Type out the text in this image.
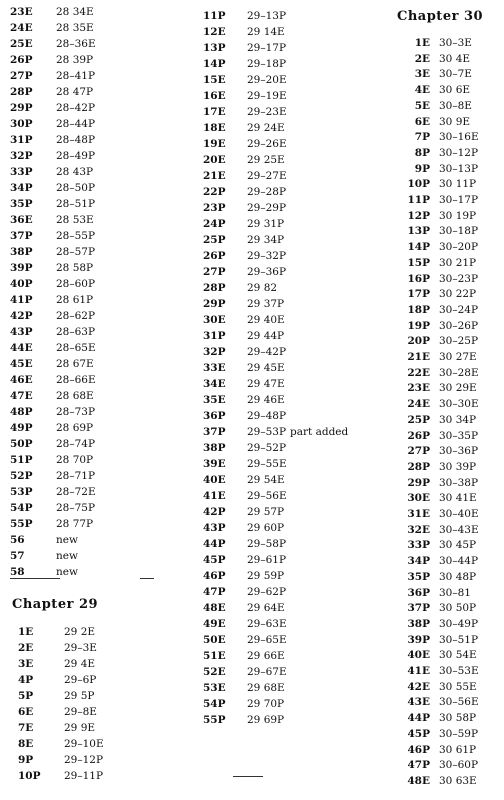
23E 28 34E
24E 28 35E
25E 28–36E
26P 28 39P
27P 28–41P
28P 28 47P
29P 28–42P
30P 28–44P
31P 28–48P
32P 28–49P
33P 28 43P
34P 28–50P
35P 28–51P
36E 28 53E
37P 28–55P
38P 28–57P
39P 28 58P
40P 28–60P
41P 28 61P
42P 28–62P
43P 28–63P
44E 28–65E
45E 28 67E
46E 28–66E
47E 28 68E
48P 28–73P
49P 28 69P
50P 28–74P
51P 28 70P
52P 28–71P
53P 28–72E
54P 28–75P
55P 28 77P
56	new
57	new
58	new
Chapter 29
1E	29 2E
2E	29–3E
3E	29 4E
4P	29–6P
5P	29 5P
6E	29–8E
7E	29 9E
8E	29–10E
9P	29–12P
10P 29–11P
11P 29–13P
12E 29 14E
13P 29–17P
14P 29–18P
15E 29–20E
16E 29–19E
17E 29–23E
18E 29 24E
19E 29–26E
20E 29 25E
21E 29–27E
22P 29–28P
23P 29–29P
24P 29 31P
25P 29 34P
26P 29–32P
27P 29–36P
28P 29 82
29P 29 37P
30E 29 40E
31P 29 44P
32P 29–42P
33E 29 45E
34E 29 47E
35E 29 46E
36P 29–48P
37P 29–53P part added
38P 29–52P
39E 29–55E
40E 29 54E
41E 29–56E
42P 29 57P
43P 29 60P
44P 29–58P
45P 29–61P
46P 29 59P
47P 29–62P
48E 29 64E
49E 29–63E
50E 29–65E
51E 29 66E
52E 29–67E
53E 29 68E
54P 29 70P
55P 29 69P
Chapter 30
1E 30–3E
2E 30 4E
3E 30–7E
4E 30 6E
5E 30–8E
6E 30 9E
7P 30–16E
8P 30–12P
9P 30–13P
10P 30 11P
11P 30–17P
12P 30 19P
13P 30–18P
14P 30–20P
15P 30 21P
16P 30–23P
17P 30 22P
18P 30–24P
19P 30–26P
20P 30–25P
21E 30 27E
22E 30–28E
23E 30 29E
24E 30–30E
25P 30 34P
26P 30–35P
27P 30–36P
28P 30 39P
29P 30–38P
30E 30 41E
31E 30–40E
32E 30–43E
33P 30 45P
34P 30–44P
35P 30 48P
36P 30–81
37P 30 50P
38P 30–49P
39P 30–51P
40E 30 54E
41E 30–53E
42E 30 55E
43E 30–56E
44P 30 58P
45P 30–59P
46P 30 61P
47P 30–60P
48E 30 63E
